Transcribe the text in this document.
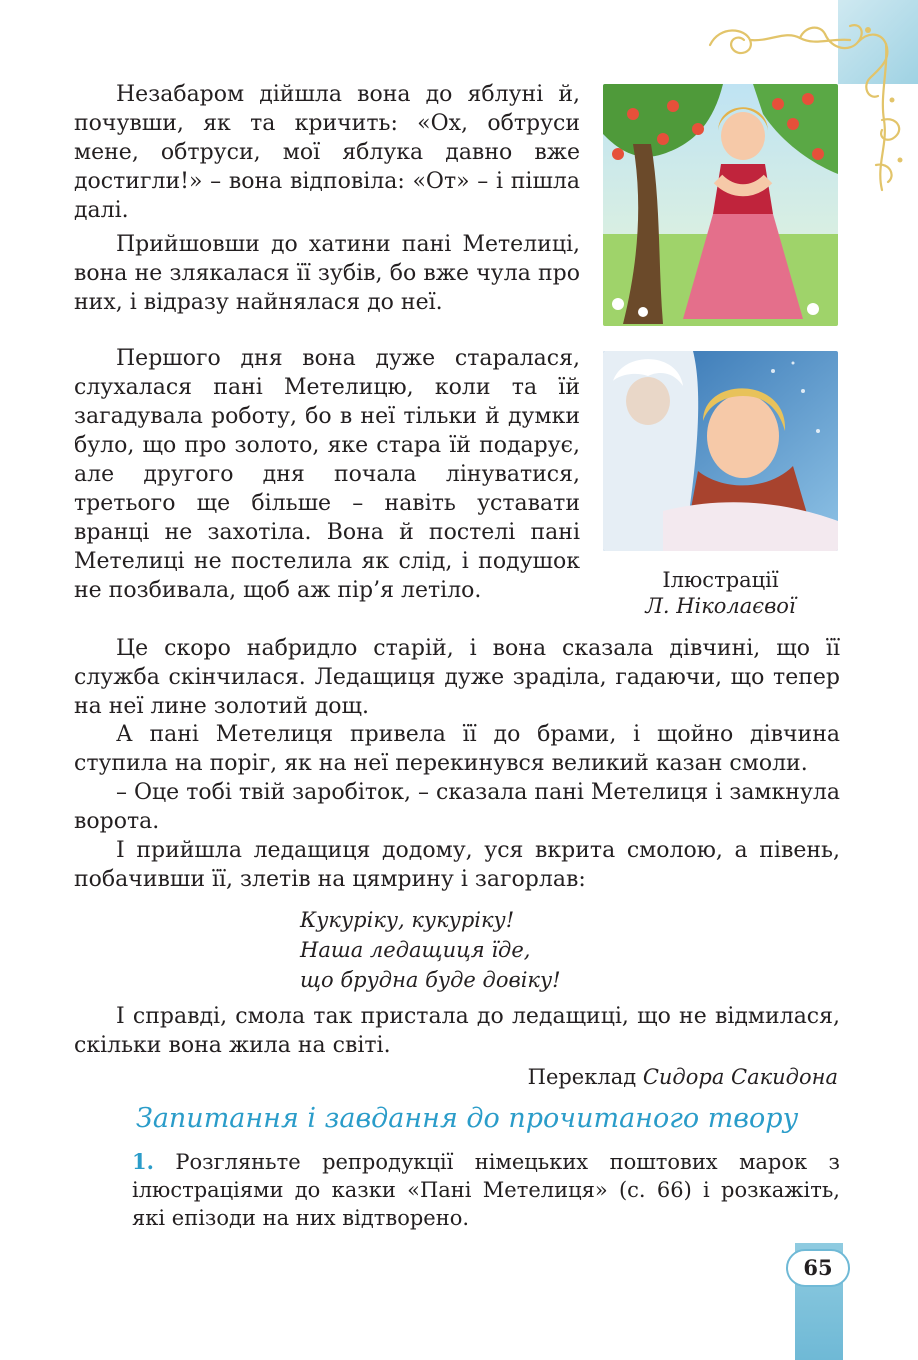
Незабаром дійшла вона до яблуні й, почувши, як та кричить: «Ох, обтруси мене, обтруси, мої яблука давно вже достигли!» – вона відповіла: «От» – і пішла далі.

Прийшовши до хатини пані Метелиці, вона не злякалася її зубів, бо вже чула про них, і відразу найнялася до неї.

Першого дня вона дуже старалася, слухалася пані Метелицю, коли та їй загадувала роботу, бо в неї тільки й думки було, що про золото, яке стара їй подарує, але другого дня почала лінуватися, третього ще більше – навіть уставати вранці не захотіла. Вона й постелі пані Метелиці не постелила як слід, і подушок не позбивала, щоб аж пір’я летіло.	Ілюстрації
Л. Ніколаєвої

Це скоро набридло старій, і вона сказала дівчині, що її служба скінчилася. Ледащиця дуже зраділа, гадаючи, що тепер на неї лине золотий дощ.

А пані Метелиця привела її до брами, і щойно дівчина ступила на поріг, як на неї перекинувся великий казан смоли.

– Оце тобі твій заробіток, – сказала пані Метелиця і замкнула ворота.

І прийшла ледащиця додому, уся вкрита смолою, а півень, побачивши її, злетів на цямрину і загорлав:

Кукуріку, кукуріку!
Наша ледащиця їде,
що брудна буде довіку!

І справді, смола так пристала до ледащиці, що не відмилася, скільки вона жила на світі.

Переклад Сидора Сакидона
Запитання і завдання до прочитаного твору

1. Розгляньте репродукції німецьких поштових марок з ілюстраціями до казки «Пані Метелиця» (с. 66) і розкажіть, які епізоди на них відтворено.

65
